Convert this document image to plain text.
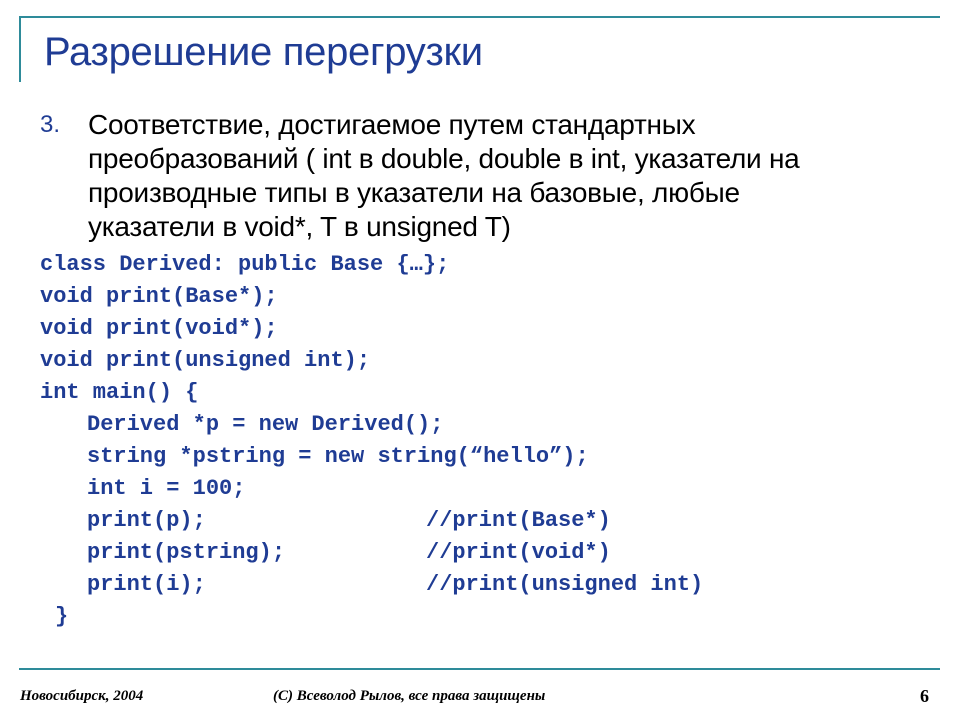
Разрешение перегрузки
3. Соответствие, достигаемое путем стандартных
преобразований ( int в double, double в int, указатели на
производные типы в указатели на базовые, любые
указатели в void*, T в unsigned T)
class Derived: public Base {…};
void print(Base*);
void print(void*);
void print(unsigned int);
int main() {
Derived *p = new Derived();
string *pstring = new string(“hello”);
int i = 100;
print(p);	//print(Base*)
print(pstring);	//print(void*)
print(i);	//print(unsigned int)
}
Новосибирск, 2004	(C) Всеволод Рылов, все права защищены	6
